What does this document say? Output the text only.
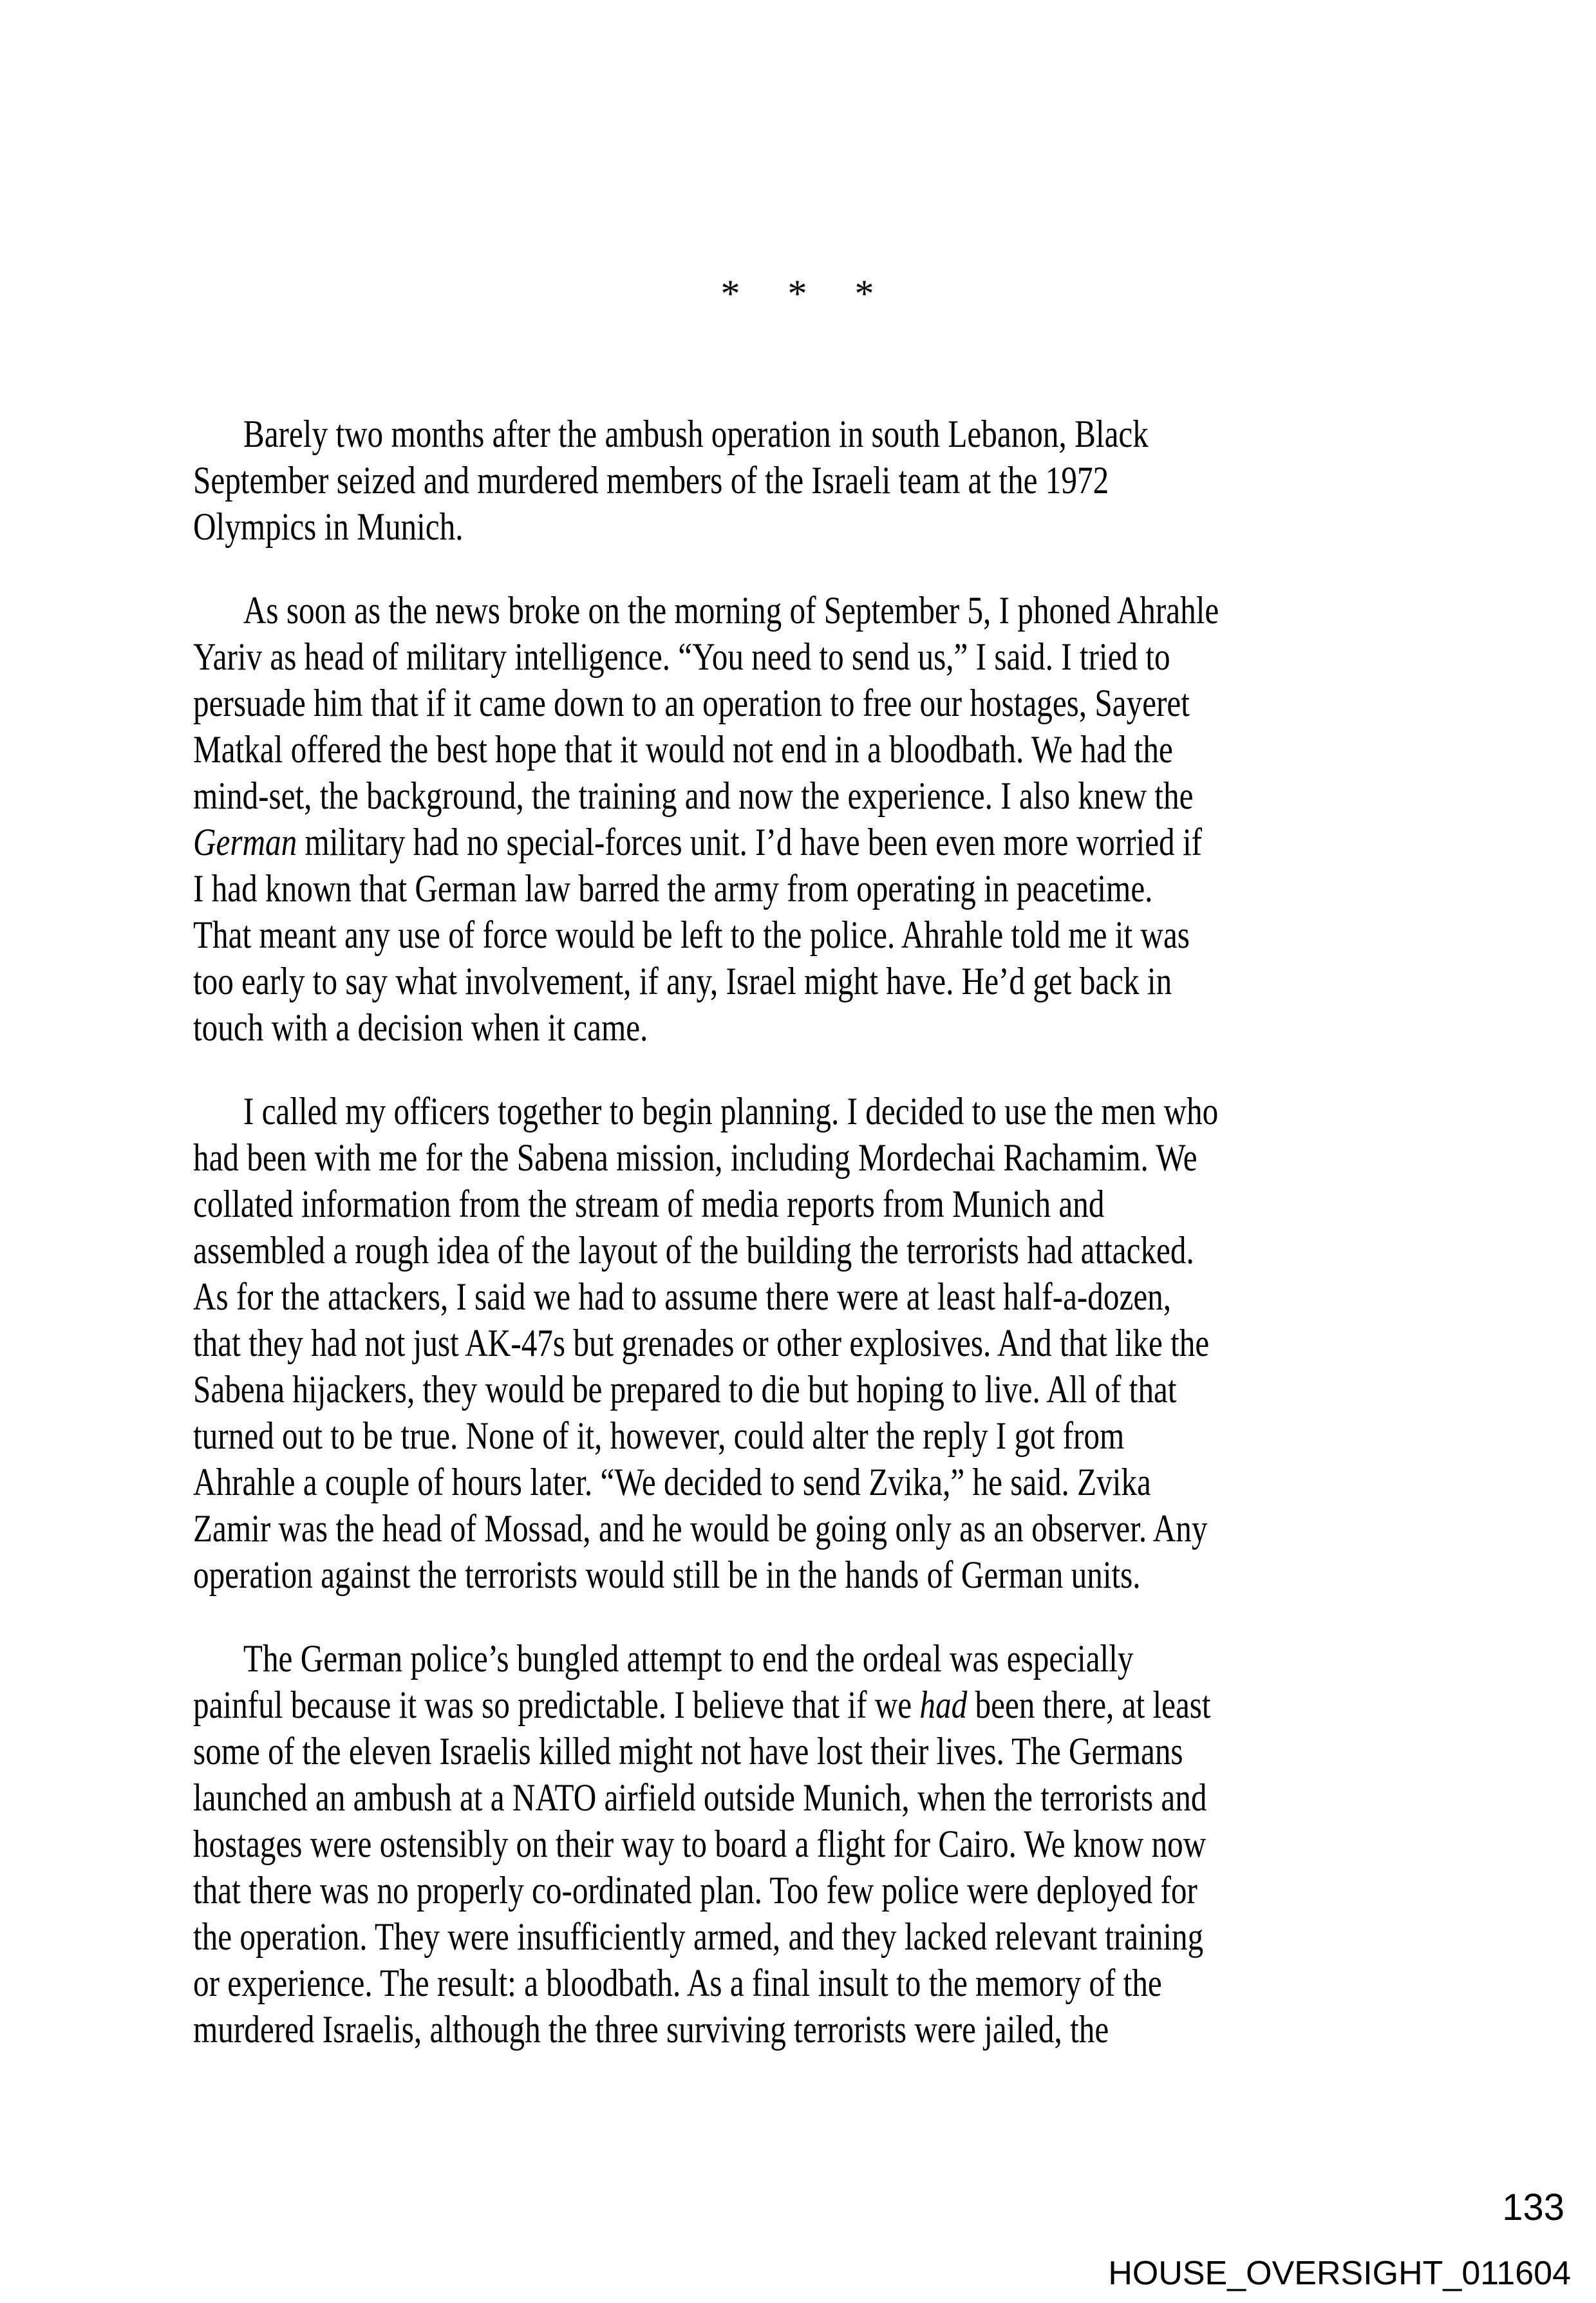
* * *

Barely two months after the ambush operation in south Lebanon, Black
September seized and murdered members of the Israeli team at the 1972
Olympics in Munich.

As soon as the news broke on the morning of September 5, I phoned Ahrahle
Yariv as head of military intelligence. “You need to send us,” I said. I tried to
persuade him that if it came down to an operation to free our hostages, Sayeret
Matkal offered the best hope that it would not end in a bloodbath. We had the
mind-set, the background, the training and now the experience. I also knew the
German military had no special-forces unit. I’d have been even more worried if
I had known that German law barred the army from operating in peacetime.
That meant any use of force would be left to the police. Ahrahle told me it was
too early to say what involvement, if any, Israel might have. He’d get back in
touch with a decision when it came.

I called my officers together to begin planning. I decided to use the men who
had been with me for the Sabena mission, including Mordechai Rachamim. We
collated information from the stream of media reports from Munich and
assembled a rough idea of the layout of the building the terrorists had attacked.
As for the attackers, I said we had to assume there were at least half-a-dozen,
that they had not just AK-47s but grenades or other explosives. And that like the
Sabena hijackers, they would be prepared to die but hoping to live. All of that
turned out to be true. None of it, however, could alter the reply I got from
Ahrahle a couple of hours later. “We decided to send Zvika,” he said. Zvika
Zamir was the head of Mossad, and he would be going only as an observer. Any
operation against the terrorists would still be in the hands of German units.

The German police’s bungled attempt to end the ordeal was especially
painful because it was so predictable. I believe that if we had been there, at least
some of the eleven Israelis killed might not have lost their lives. The Germans
launched an ambush at a NATO airfield outside Munich, when the terrorists and
hostages were ostensibly on their way to board a flight for Cairo. We know now
that there was no properly co-ordinated plan. Too few police were deployed for
the operation. They were insufficiently armed, and they lacked relevant training
or experience. The result: a bloodbath. As a final insult to the memory of the
murdered Israelis, although the three surviving terrorists were jailed, the

133
HOUSE_OVERSIGHT_011604
